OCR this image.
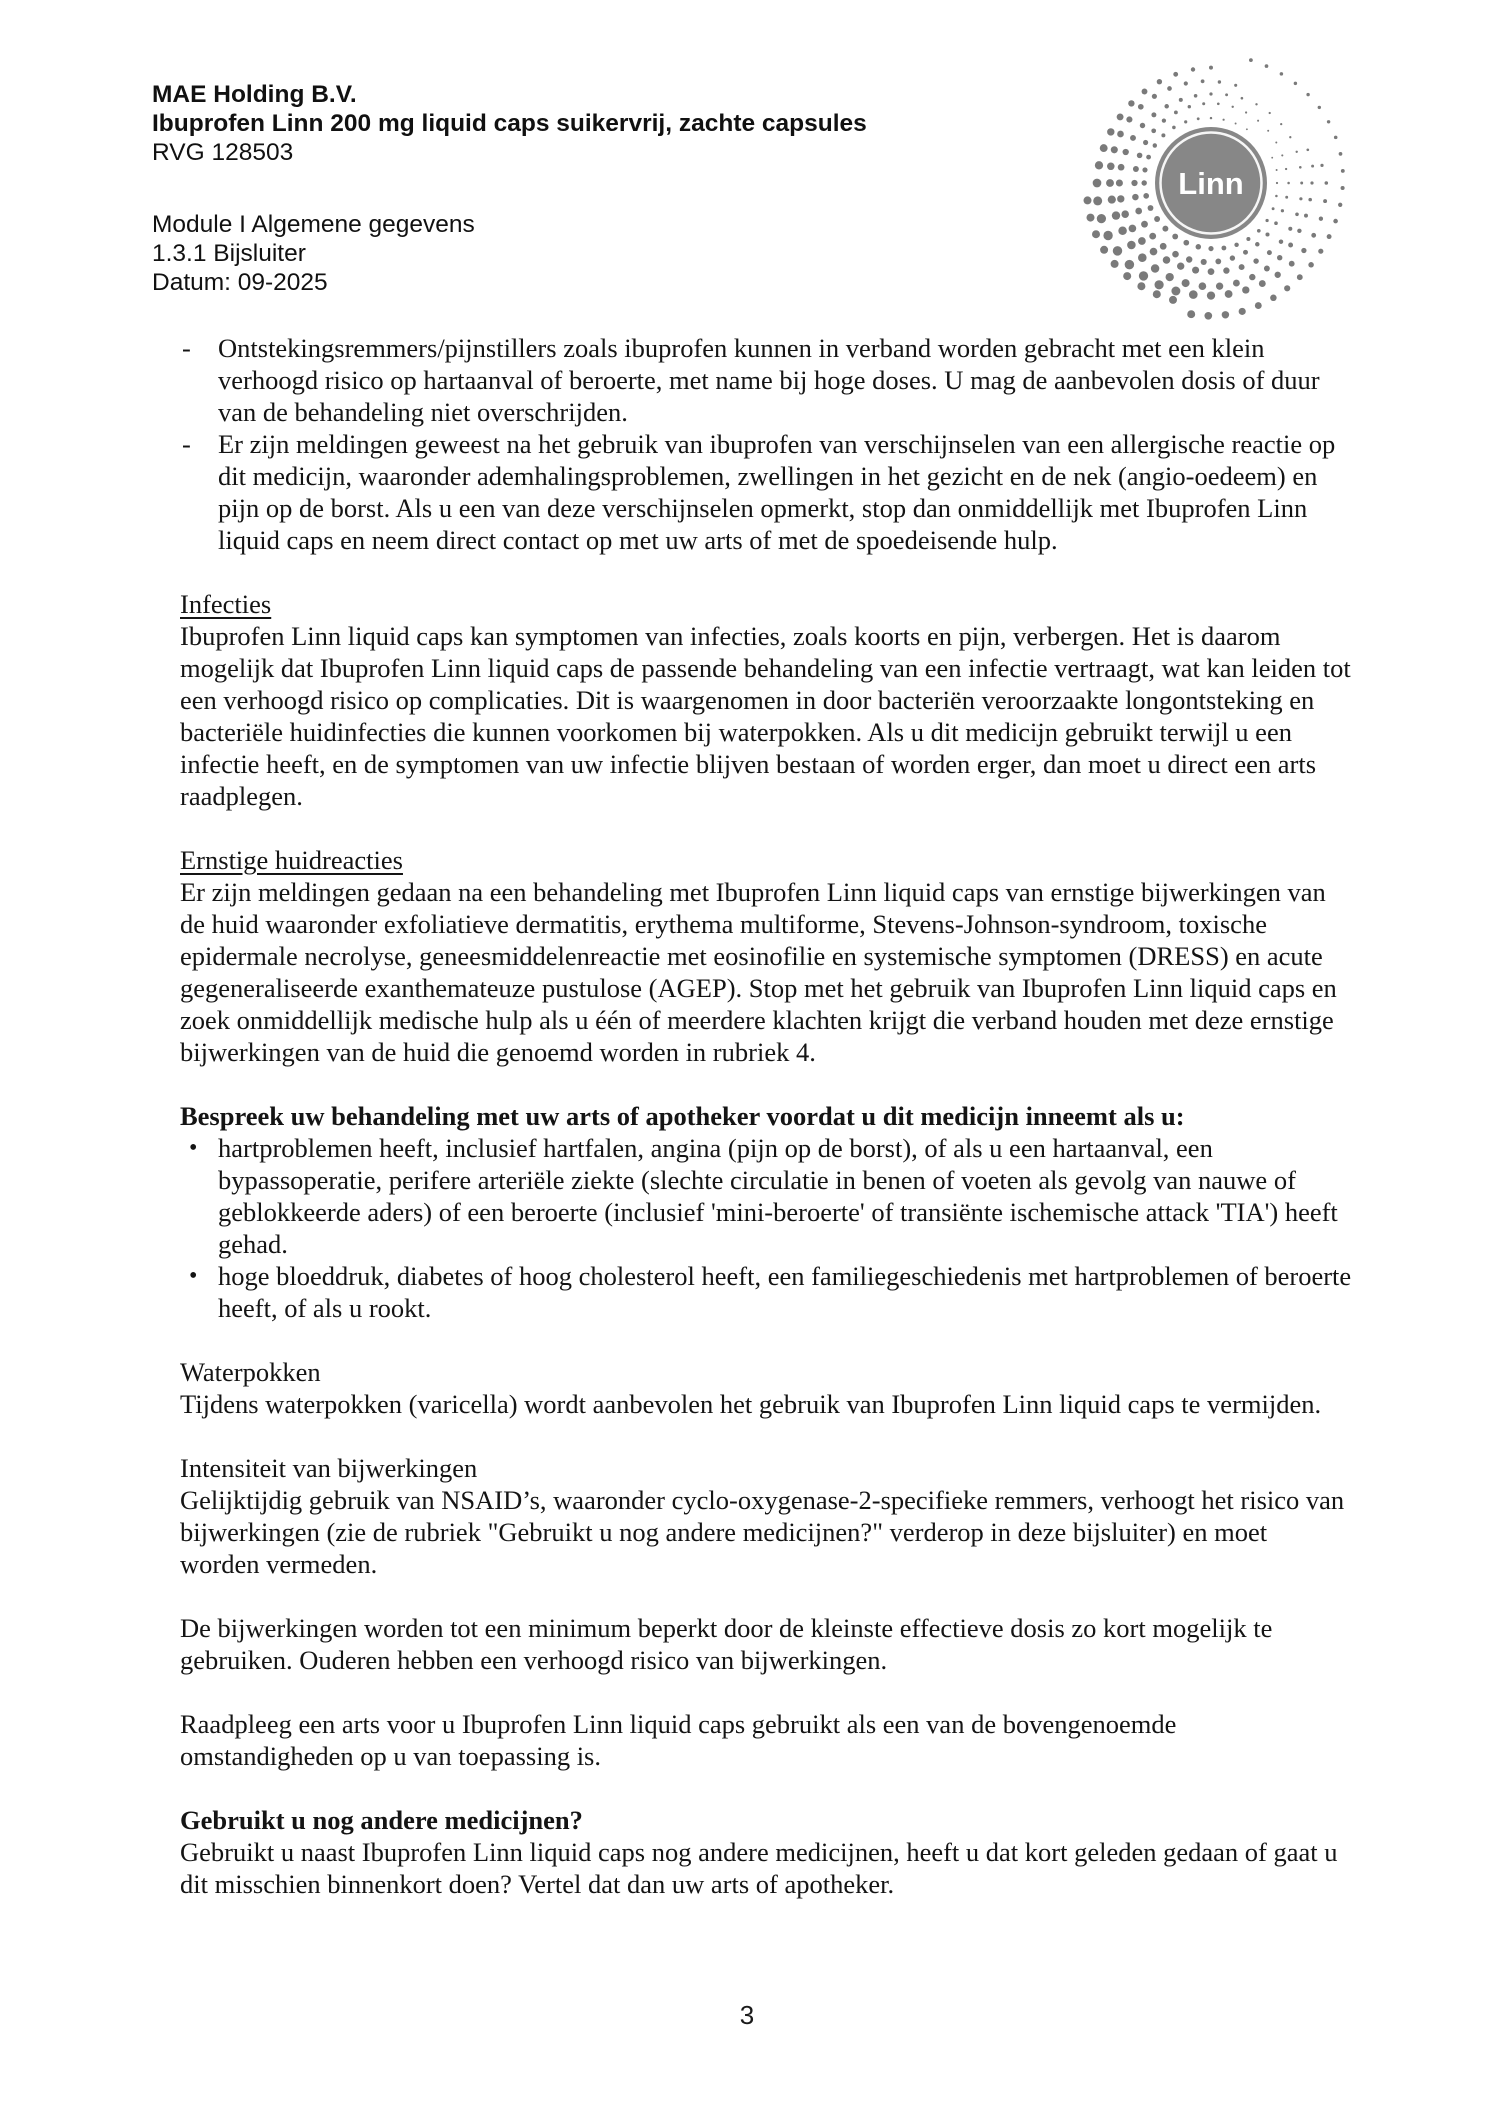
MAE Holding B.V.
Ibuprofen Linn 200 mg liquid caps suikervrij, zachte capsules
RVG 128503
Module I Algemene gegevens
1.3.1 Bijsluiter
Datum: 09-2025
Linn
-	Ontstekingsremmers/pijnstillers zoals ibuprofen kunnen in verband worden gebracht met een klein verhoogd risico op hartaanval of beroerte, met name bij hoge doses. U mag de aanbevolen dosis of duur van de behandeling niet overschrijden.
-	Er zijn meldingen geweest na het gebruik van ibuprofen van verschijnselen van een allergische reactie op dit medicijn, waaronder ademhalingsproblemen, zwellingen in het gezicht en de nek (angio-oedeem) en pijn op de borst. Als u een van deze verschijnselen opmerkt, stop dan onmiddellijk met Ibuprofen Linn liquid caps en neem direct contact op met uw arts of met de spoedeisende hulp.
Infecties

Ibuprofen Linn liquid caps kan symptomen van infecties, zoals koorts en pijn, verbergen. Het is daarom mogelijk dat Ibuprofen Linn liquid caps de passende behandeling van een infectie vertraagt, wat kan leiden tot een verhoogd risico op complicaties. Dit is waargenomen in door bacteriën veroorzaakte longontsteking en bacteriële huidinfecties die kunnen voorkomen bij waterpokken. Als u dit medicijn gebruikt terwijl u een infectie heeft, en de symptomen van uw infectie blijven bestaan of worden erger, dan moet u direct een arts raadplegen.

Ernstige huidreacties

Er zijn meldingen gedaan na een behandeling met Ibuprofen Linn liquid caps van ernstige bijwerkingen van de huid waaronder exfoliatieve dermatitis, erythema multiforme, Stevens-Johnson-syndroom, toxische epidermale necrolyse, geneesmiddelenreactie met eosinofilie en systemische symptomen (DRESS) en acute gegeneraliseerde exanthemateuze pustulose (AGEP). Stop met het gebruik van Ibuprofen Linn liquid caps en zoek onmiddellijk medische hulp als u één of meerdere klachten krijgt die verband houden met deze ernstige bijwerkingen van de huid die genoemd worden in rubriek 4.

Bespreek uw behandeling met uw arts of apotheker voordat u dit medicijn inneemt als u:
• hartproblemen heeft, inclusief hartfalen, angina (pijn op de borst), of als u een hartaanval, een bypassoperatie, perifere arteriële ziekte (slechte circulatie in benen of voeten als gevolg van nauwe of geblokkeerde aders) of een beroerte (inclusief 'mini-beroerte' of transiënte ischemische attack 'TIA') heeft gehad.
• hoge bloeddruk, diabetes of hoog cholesterol heeft, een familiegeschiedenis met hartproblemen of beroerte heeft, of als u rookt.
Waterpokken

Tijdens waterpokken (varicella) wordt aanbevolen het gebruik van Ibuprofen Linn liquid caps te vermijden.

Intensiteit van bijwerkingen

Gelijktijdig gebruik van NSAID’s, waaronder cyclo-oxygenase-2-specifieke remmers, verhoogt het risico van bijwerkingen (zie de rubriek "Gebruikt u nog andere medicijnen?" verderop in deze bijsluiter) en moet worden vermeden.

De bijwerkingen worden tot een minimum beperkt door de kleinste effectieve dosis zo kort mogelijk te gebruiken. Ouderen hebben een verhoogd risico van bijwerkingen.

Raadpleeg een arts voor u Ibuprofen Linn liquid caps gebruikt als een van de bovengenoemde omstandigheden op u van toepassing is.

Gebruikt u nog andere medicijnen?

Gebruikt u naast Ibuprofen Linn liquid caps nog andere medicijnen, heeft u dat kort geleden gedaan of gaat u dit misschien binnenkort doen? Vertel dat dan uw arts of apotheker.

3
